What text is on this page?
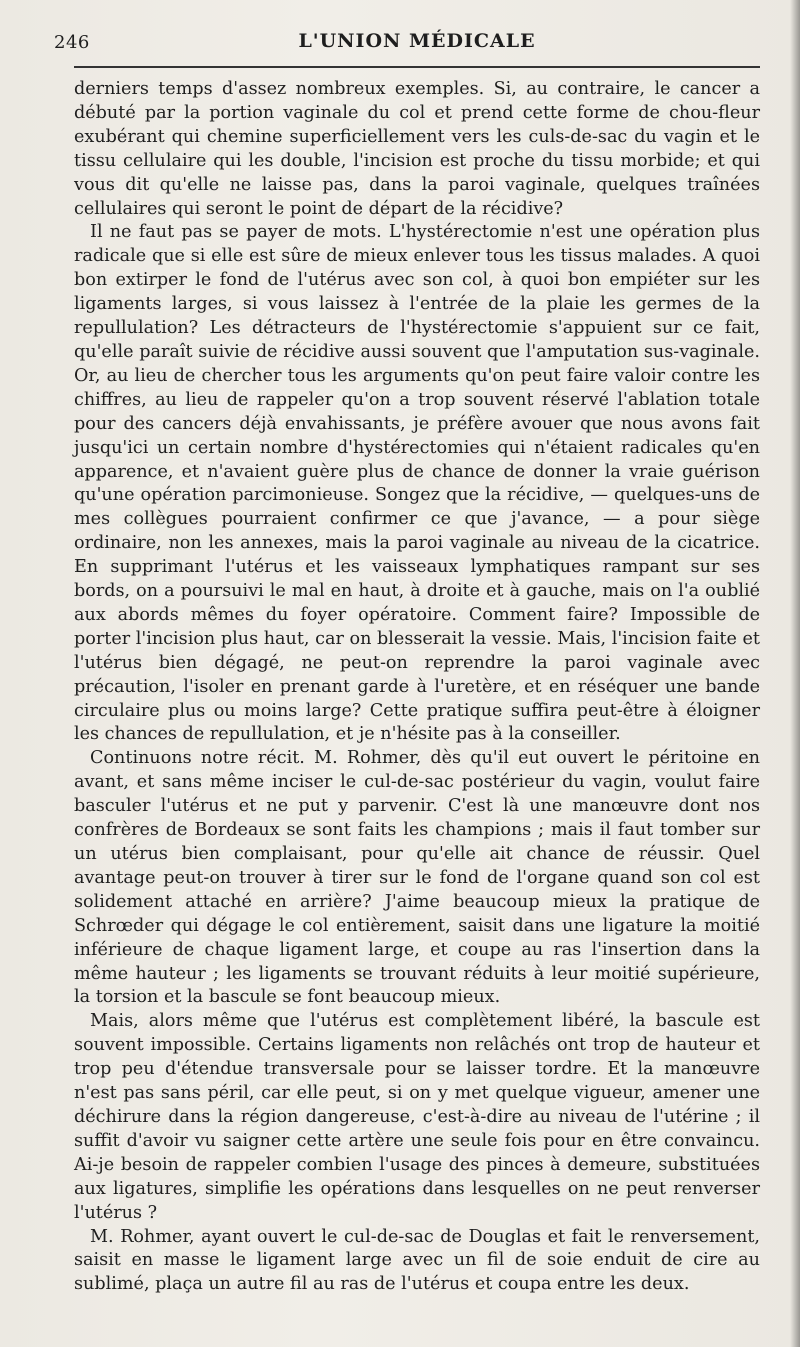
246	L'UNION MÉDICALE

derniers temps d'assez nombreux exemples. Si, au contraire, le cancer a débuté par la portion vaginale du col et prend cette forme de chou-fleur exubérant qui chemine superficiellement vers les culs-de-sac du vagin et le tissu cellulaire qui les double, l'incision est proche du tissu morbide; et qui vous dit qu'elle ne laisse pas, dans la paroi vaginale, quelques traînées cellulaires qui seront le point de départ de la récidive?

Il ne faut pas se payer de mots. L'hystérectomie n'est une opération plus radicale que si elle est sûre de mieux enlever tous les tissus malades. A quoi bon extirper le fond de l'utérus avec son col, à quoi bon empiéter sur les ligaments larges, si vous laissez à l'entrée de la plaie les germes de la repullulation? Les détracteurs de l'hystérectomie s'appuient sur ce fait, qu'elle paraît suivie de récidive aussi souvent que l'amputation sus-vaginale. Or, au lieu de chercher tous les arguments qu'on peut faire valoir contre les chiffres, au lieu de rappeler qu'on a trop souvent réservé l'ablation totale pour des cancers déjà envahissants, je préfère avouer que nous avons fait jusqu'ici un certain nombre d'hystérectomies qui n'étaient radicales qu'en apparence, et n'avaient guère plus de chance de donner la vraie guérison qu'une opération parcimonieuse. Songez que la récidive, — quelques-uns de mes collègues pourraient confirmer ce que j'avance, — a pour siège ordinaire, non les annexes, mais la paroi vaginale au niveau de la cicatrice. En supprimant l'utérus et les vaisseaux lymphatiques rampant sur ses bords, on a poursuivi le mal en haut, à droite et à gauche, mais on l'a oublié aux abords mêmes du foyer opératoire. Comment faire? Impossible de porter l'incision plus haut, car on blesserait la vessie. Mais, l'incision faite et l'utérus bien dégagé, ne peut-on reprendre la paroi vaginale avec précaution, l'isoler en prenant garde à l'uretère, et en réséquer une bande circulaire plus ou moins large? Cette pratique suffira peut-être à éloigner les chances de repullulation, et je n'hésite pas à la conseiller.

Continuons notre récit. M. Rohmer, dès qu'il eut ouvert le péritoine en avant, et sans même inciser le cul-de-sac postérieur du vagin, voulut faire basculer l'utérus et ne put y parvenir. C'est là une manœuvre dont nos confrères de Bordeaux se sont faits les champions ; mais il faut tomber sur un utérus bien complaisant, pour qu'elle ait chance de réussir. Quel avantage peut-on trouver à tirer sur le fond de l'organe quand son col est solidement attaché en arrière? J'aime beaucoup mieux la pratique de Schrœder qui dégage le col entièrement, saisit dans une ligature la moitié inférieure de chaque ligament large, et coupe au ras l'insertion dans la même hauteur ; les ligaments se trouvant réduits à leur moitié supérieure, la torsion et la bascule se font beaucoup mieux.

Mais, alors même que l'utérus est complètement libéré, la bascule est souvent impossible. Certains ligaments non relâchés ont trop de hauteur et trop peu d'étendue transversale pour se laisser tordre. Et la manœuvre n'est pas sans péril, car elle peut, si on y met quelque vigueur, amener une déchirure dans la région dangereuse, c'est-à-dire au niveau de l'utérine ; il suffit d'avoir vu saigner cette artère une seule fois pour en être convaincu. Ai-je besoin de rappeler combien l'usage des pinces à demeure, substituées aux ligatures, simplifie les opérations dans lesquelles on ne peut renverser l'utérus ?

M. Rohmer, ayant ouvert le cul-de-sac de Douglas et fait le renversement, saisit en masse le ligament large avec un fil de soie enduit de cire au sublimé, plaça un autre fil au ras de l'utérus et coupa entre les deux.
